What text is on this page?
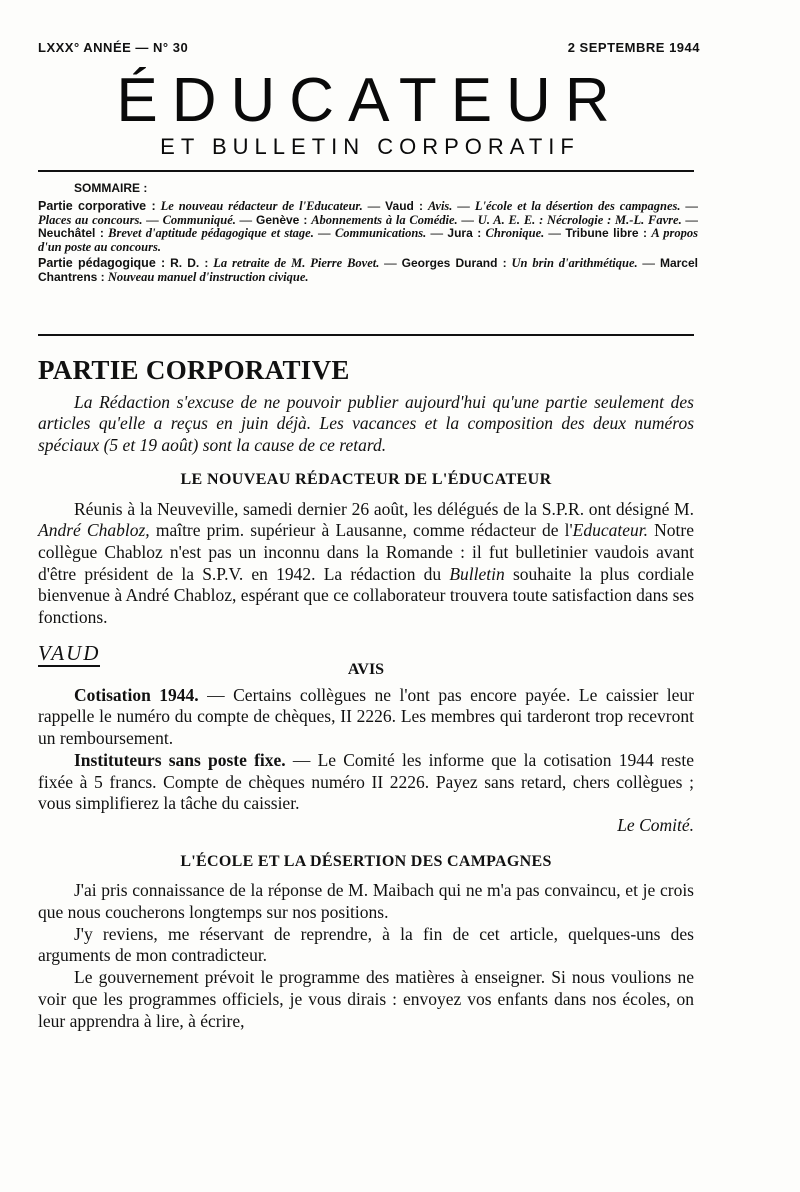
LXXX° ANNÉE — N° 30	2 SEPTEMBRE 1944
ÉDUCATEUR
ET BULLETIN CORPORATIF
SOMMAIRE :

Partie corporative : Le nouveau rédacteur de l'Educateur. — Vaud : Avis. — L'école et la désertion des campagnes. — Places au concours. — Communiqué. — Genève : Abonnements à la Comédie. — U. A. E. E. : Nécrologie : M.-L. Favre. — Neuchâtel : Brevet d'aptitude pédagogique et stage. — Communications. — Jura : Chronique. — Tribune libre : A propos d'un poste au concours.

Partie pédagogique : R. D. : La retraite de M. Pierre Bovet. — Georges Durand : Un brin d'arithmétique. — Marcel Chantrens : Nouveau manuel d'instruction civique.

PARTIE CORPORATIVE

La Rédaction s'excuse de ne pouvoir publier aujourd'hui qu'une partie seulement des articles qu'elle a reçus en juin déjà. Les vacances et la composition des deux numéros spéciaux (5 et 19 août) sont la cause de ce retard.

LE NOUVEAU RÉDACTEUR DE L'ÉDUCATEUR

Réunis à la Neuveville, samedi dernier 26 août, les délégués de la S.P.R. ont désigné M. André Chabloz, maître prim. supérieur à Lausanne, comme rédacteur de l'Educateur. Notre collègue Chabloz n'est pas un inconnu dans la Romande : il fut bulletinier vaudois avant d'être président de la S.P.V. en 1942. La rédaction du Bulletin souhaite la plus cordiale bienvenue à André Chabloz, espérant que ce collaborateur trouvera toute satisfaction dans ses fonctions.

VAUD
AVIS

Cotisation 1944. — Certains collègues ne l'ont pas encore payée. Le caissier leur rappelle le numéro du compte de chèques, II 2226. Les membres qui tarderont trop recevront un remboursement.

Instituteurs sans poste fixe. — Le Comité les informe que la cotisation 1944 reste fixée à 5 francs. Compte de chèques numéro II 2226. Payez sans retard, chers collègues ; vous simplifierez la tâche du caissier.

Le Comité.
L'ÉCOLE ET LA DÉSERTION DES CAMPAGNES

J'ai pris connaissance de la réponse de M. Maibach qui ne m'a pas convaincu, et je crois que nous coucherons longtemps sur nos positions.

J'y reviens, me réservant de reprendre, à la fin de cet article, quelques-uns des arguments de mon contradicteur.

Le gouvernement prévoit le programme des matières à enseigner. Si nous voulions ne voir que les programmes officiels, je vous dirais : envoyez vos enfants dans nos écoles, on leur apprendra à lire, à écrire,
